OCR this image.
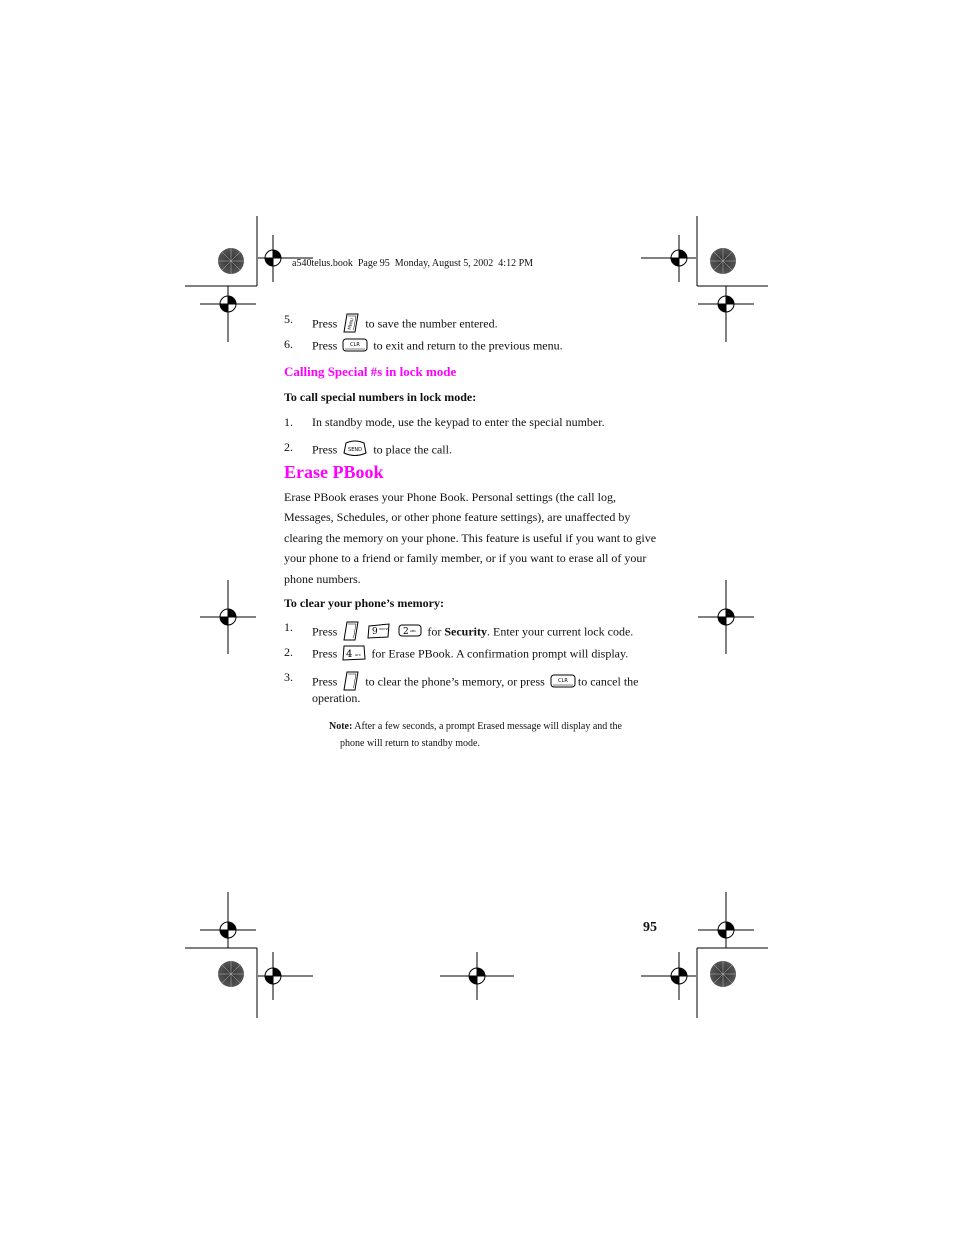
a540telus.book  Page 95  Monday, August 5, 2002  4:12 PM
5. Press MENU to save the number entered.
6. Press	CLR to exit and return to the previous menu.
Calling Special #s in lock mode
To call special numbers in lock mode:
1. In standby mode, use the keypad to enter the special number.
2. Press SEND to place the call.
Erase PBook
Erase PBook erases your Phone Book. Personal settings (the call log,
Messages, Schedules, or other phone feature settings), are unaffected by
clearing the memory on your phone. This feature is useful if you want to give
your phone to a friend or family member, or if you want to erase all of your
phone numbers.
To clear your phone’s memory:
1. Press	9 WXYZ
2 ABC for Security. Enter your current lock code.
2. Press 4 GHI for Erase PBook. A confirmation prompt will display.
3. Press to clear the phone’s memory, or press	CLR to cancel the
operation.
Note: After a few seconds, a prompt Erased message will display and the
phone will return to standby mode.
95
